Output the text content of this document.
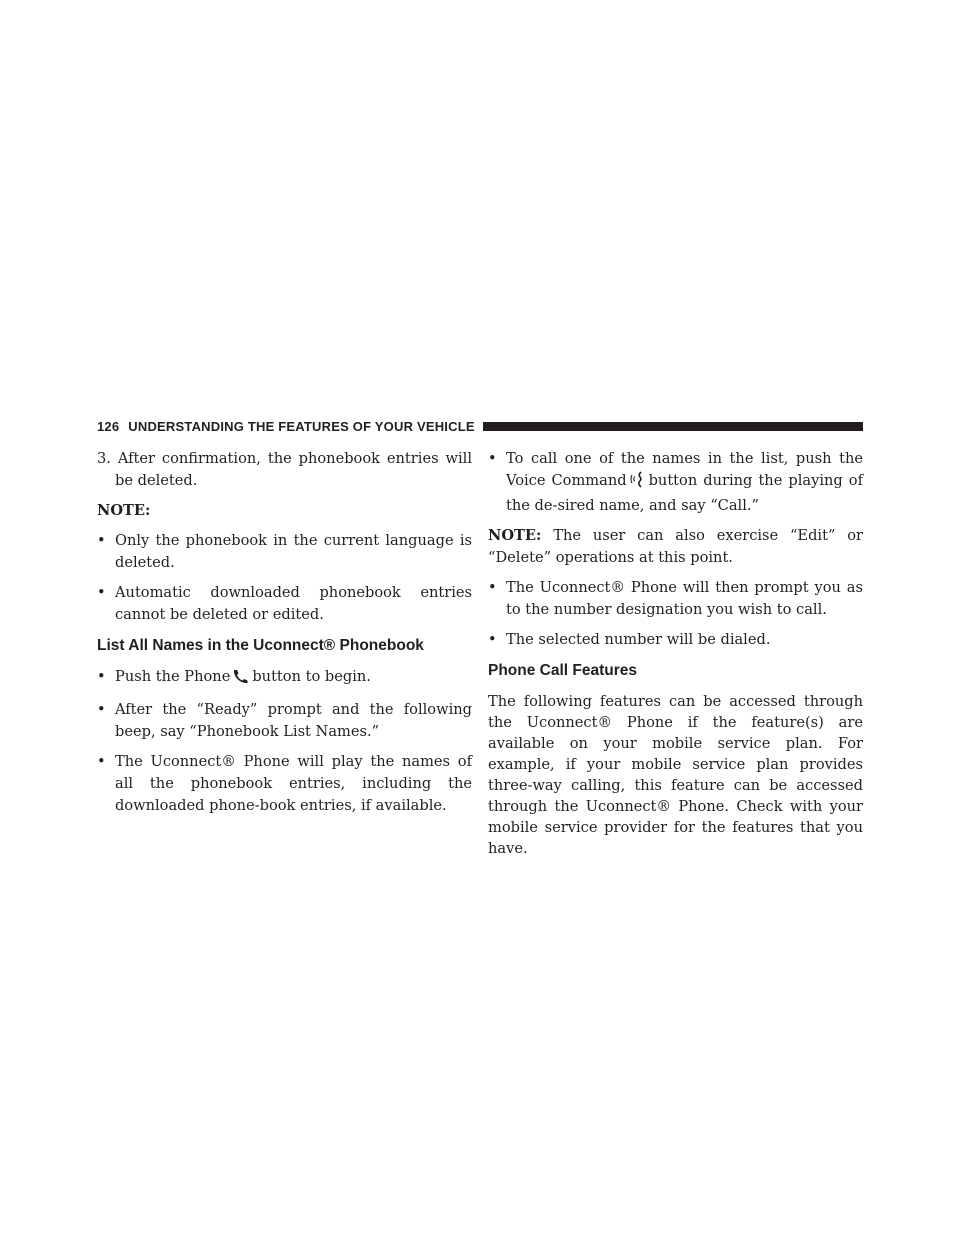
126 UNDERSTANDING THE FEATURES OF YOUR VEHICLE

3. After confirmation, the phonebook entries will be deleted.

NOTE:

• Only the phonebook in the current language is deleted.

• Automatic downloaded phonebook entries cannot be deleted or edited.

List All Names in the Uconnect® Phonebook

• Push the Phone button to begin.

• After the “Ready” prompt and the following beep, say “Phonebook List Names.”

• The Uconnect® Phone will play the names of all the phonebook entries, including the downloaded phone-book entries, if available.

• To call one of the names in the list, push the Voice Command button during the playing of the de-sired name, and say “Call.”

NOTE: The user can also exercise “Edit” or “Delete” operations at this point.

• The Uconnect® Phone will then prompt you as to the number designation you wish to call.

• The selected number will be dialed.

Phone Call Features

The following features can be accessed through the Uconnect® Phone if the feature(s) are available on your mobile service plan. For example, if your mobile service plan provides three-way calling, this feature can be accessed through the Uconnect® Phone. Check with your mobile service provider for the features that you have.
